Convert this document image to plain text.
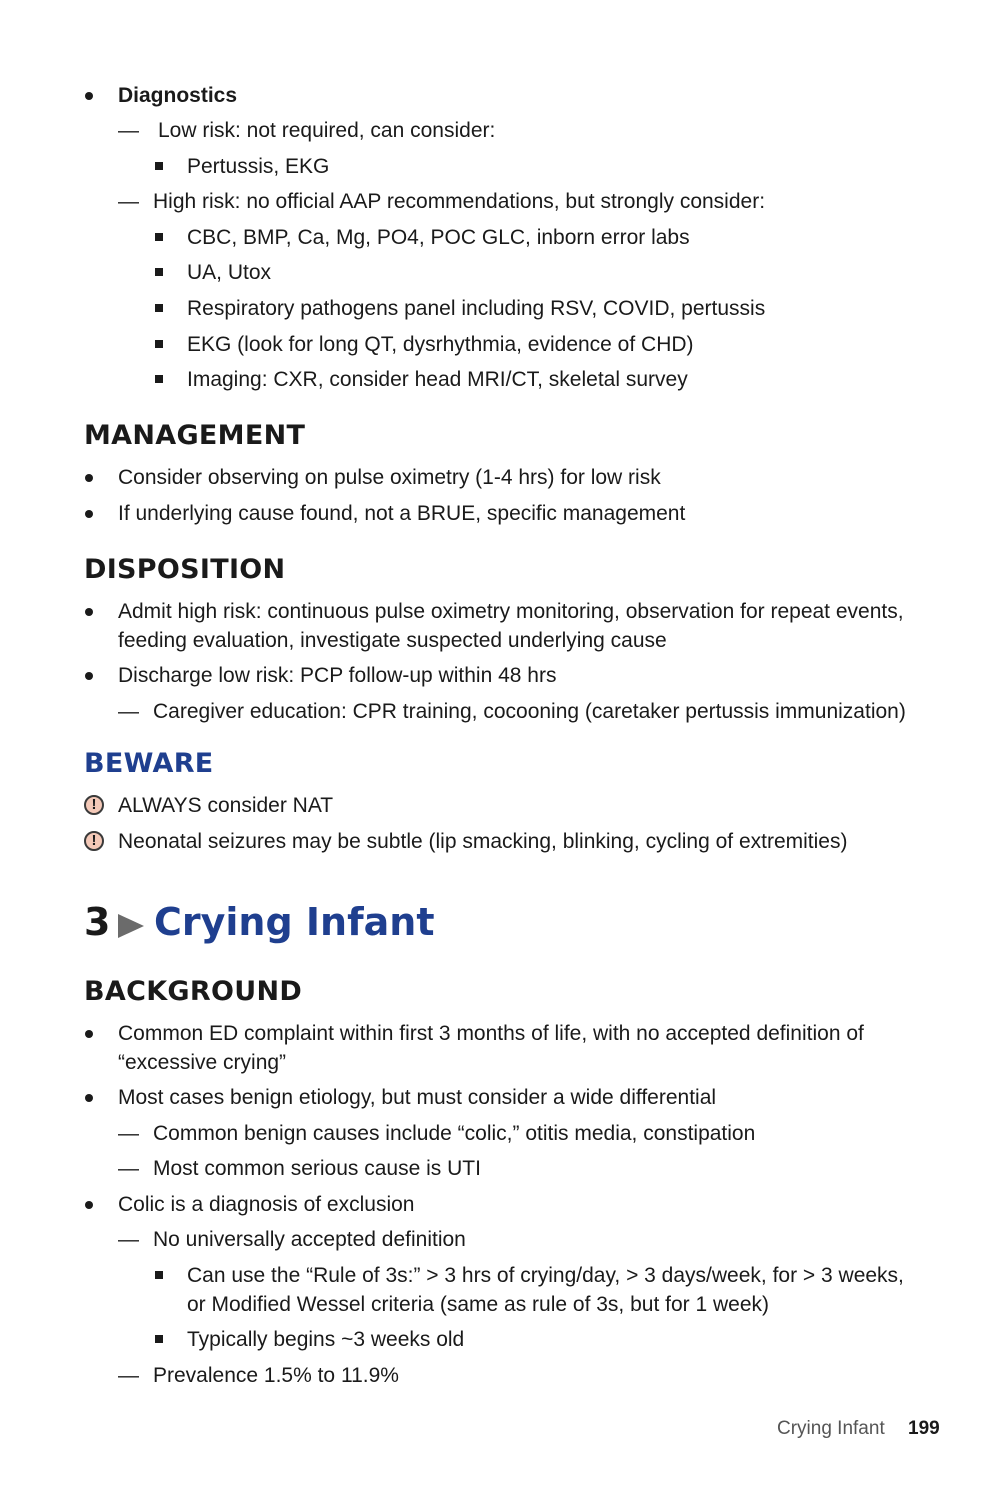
Diagnostics
— Low risk: not required, can consider:
Pertussis, EKG
— High risk: no official AAP recommendations, but strongly consider:
CBC, BMP, Ca, Mg, PO4, POC GLC, inborn error labs
UA, Utox
Respiratory pathogens panel including RSV, COVID, pertussis
EKG (look for long QT, dysrhythmia, evidence of CHD)
Imaging: CXR, consider head MRI/CT, skeletal survey
MANAGEMENT
Consider observing on pulse oximetry (1-4 hrs) for low risk
If underlying cause found, not a BRUE, specific management
DISPOSITION
Admit high risk: continuous pulse oximetry monitoring, observation for repeat events,
feeding evaluation, investigate suspected underlying cause
Discharge low risk: PCP follow-up within 48 hrs
— Caregiver education: CPR training, cocooning (caretaker pertussis immunization)
BEWARE
!	ALWAYS consider NAT
!	Neonatal seizures may be subtle (lip smacking, blinking, cycling of extremities)
3 Crying Infant
BACKGROUND
Common ED complaint within first 3 months of life, with no accepted definition of
“excessive crying”
Most cases benign etiology, but must consider a wide differential
— Common benign causes include “colic,” otitis media, constipation
— Most common serious cause is UTI
Colic is a diagnosis of exclusion
— No universally accepted definition
Can use the “Rule of 3s:” > 3 hrs of crying/day, > 3 days/week, for > 3 weeks,
or Modified Wessel criteria (same as rule of 3s, but for 1 week)
Typically begins ~3 weeks old
— Prevalence 1.5% to 11.9%
Crying Infant 199
